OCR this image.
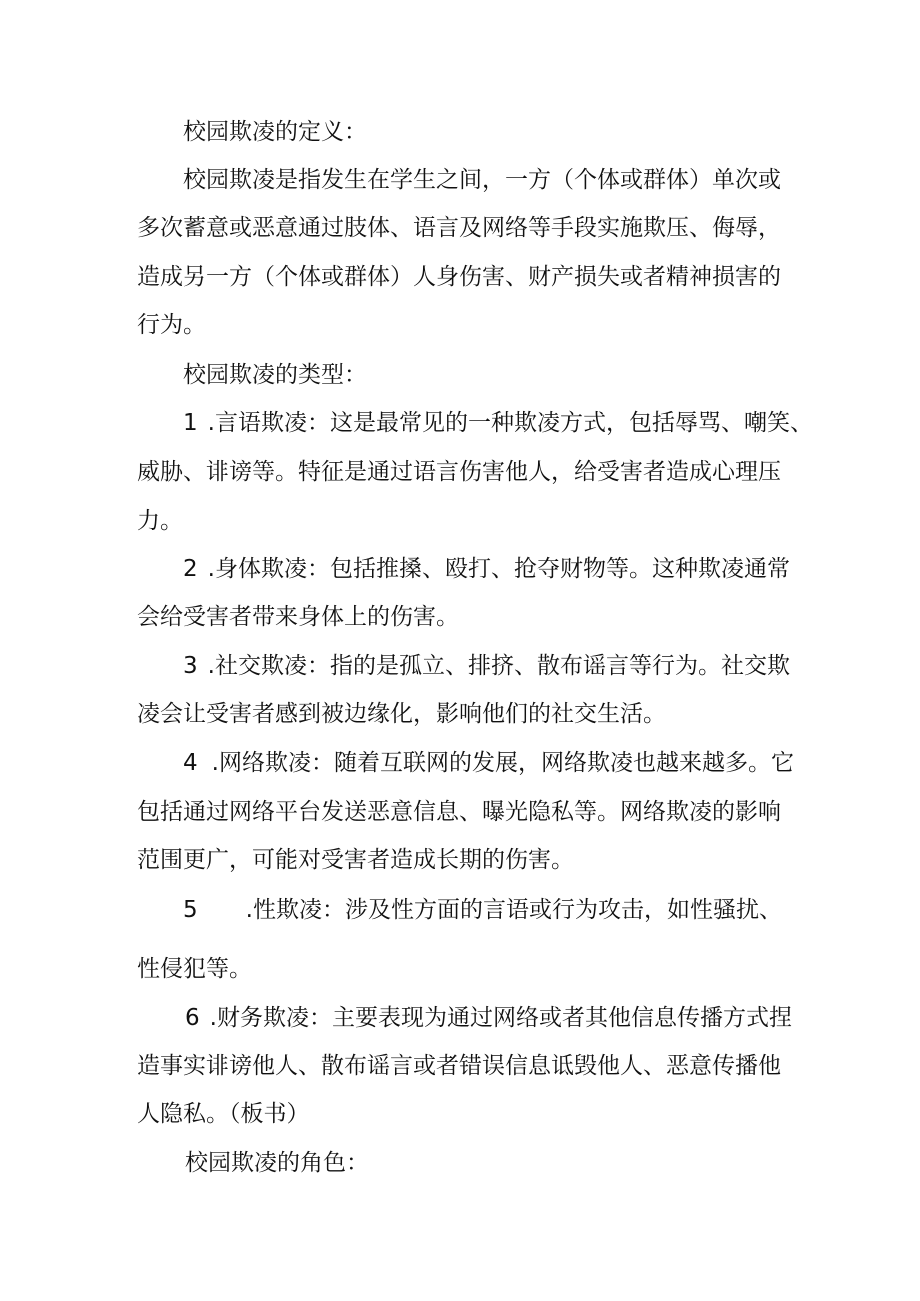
校园欺凌的定义：
校园欺凌是指发生在学生之间，一方（个体或群体）单次或
多次蓄意或恶意通过肢体、语言及网络等手段实施欺压、侮辱，
造成另一方（个体或群体）人身伤害、财产损失或者精神损害的
行为。
校园欺凌的类型：
1 .言语欺凌：这是最常见的一种欺凌方式，包括辱骂、嘲笑、
威胁、诽谤等。特征是通过语言伤害他人，给受害者造成心理压
力。
2 .身体欺凌：包括推搡、殴打、抢夺财物等。这种欺凌通常
会给受害者带来身体上的伤害。
3 .社交欺凌：指的是孤立、排挤、散布谣言等行为。社交欺
凌会让受害者感到被边缘化，影响他们的社交生活。
4 .网络欺凌：随着互联网的发展，网络欺凌也越来越多。它
包括通过网络平台发送恶意信息、曝光隐私等。网络欺凌的影响
范围更广，可能对受害者造成长期的伤害。
5 .性欺凌：涉及性方面的言语或行为攻击，如性骚扰、
性侵犯等。
6 .财务欺凌：主要表现为通过网络或者其他信息传播方式捏
造事实诽谤他人、散布谣言或者错误信息诋毁他人、恶意传播他
人隐私。（板书）
校园欺凌的角色：
